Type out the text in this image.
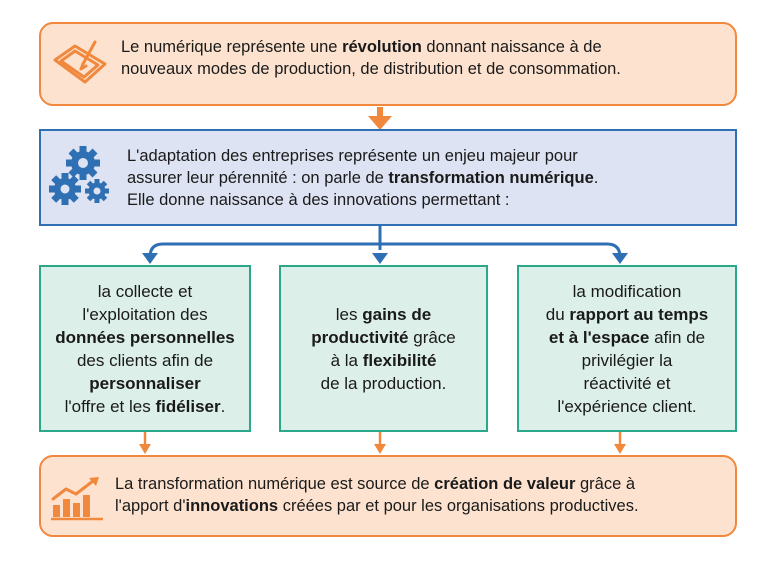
Le numérique représente une révolution donnant naissance à de
nouveaux modes de production, de distribution et de consommation.
L'adaptation des entreprises représente un enjeu majeur pour
assurer leur pérennité : on parle de transformation numérique.
Elle donne naissance à des innovations permettant :
la collecte et
l'exploitation des
données personnelles
des clients afin de
personnaliser
l'offre et les fidéliser.
les gains de
productivité grâce
à la flexibilité
de la production.
la modification
du rapport au temps
et à l'espace afin de
privilégier la
réactivité et
l'expérience client.
La transformation numérique est source de création de valeur grâce à
l'apport d'innovations créées par et pour les organisations productives.
